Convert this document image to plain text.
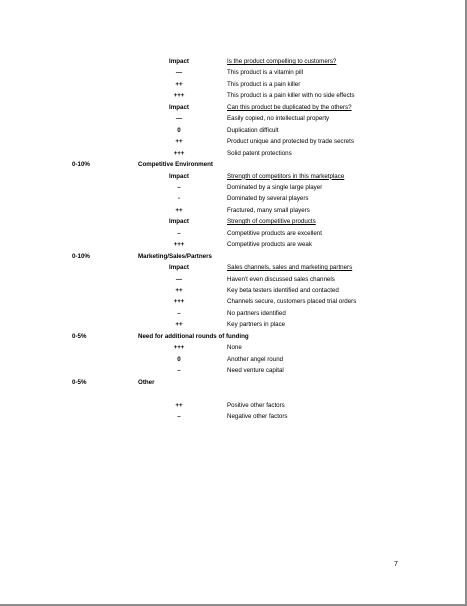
Impact	Is the product compelling to customers?
—	This product is a vitamin pill
++	This product is a pain killer
+++	This product is a pain killer with no side effects
Impact	Can this product be duplicated by the others?
—	Easily copied, no intellectual property
0	Duplication difficult
++	Product unique and protected by trade secrets
+++	Solid patent protections
0-10%	Competitive Environment
Impact	Strength of competitors in this marketplace
–	Dominated by a single large player
-	Dominated by several players
++	Fractured, many small players
Impact	Strength of competitive products
–	Competitive products are excellent
+++	Competitive products are weak
0-10%	Marketing/Sales/Partners
Impact	Sales channels, sales and marketing partners
—	Haven't even discussed sales channels
++	Key beta testers identified and contacted
+++	Channels secure, customers placed trial orders
–	No partners identified
++	Key partners in place
0-5%	Need for additional rounds of funding
+++	None
0	Another angel round
–	Need venture capital
0-5%	Other
++	Positive other factors
–	Negative other factors
7
